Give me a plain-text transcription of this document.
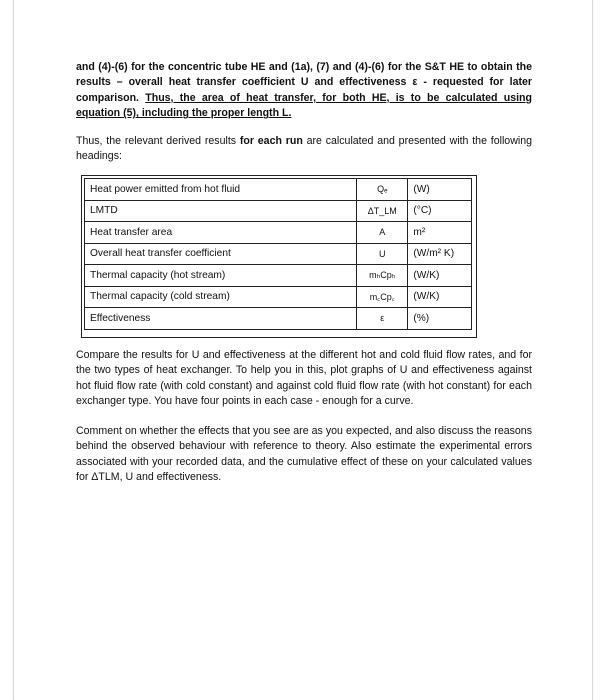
and (4)-(6) for the concentric tube HE and (1a), (7) and (4)-(6) for the S&T HE to obtain the results – overall heat transfer coefficient U and effectiveness ε - requested for later comparison. Thus, the area of heat transfer, for both HE, is to be calculated using equation (5), including the proper length L.
Thus, the relevant derived results for each run are calculated and presented with the following headings:
Heat power emitted from hot fluid	Qₑ	(W)
LMTD	ΔT_LM	(°C)
Heat transfer area	A	m²
Overall heat transfer coefficient	U	(W/m² K)
Thermal capacity (hot stream)	mₕCpₕ	(W/K)
Thermal capacity (cold stream)	m꜀Cp꜀	(W/K)
Effectiveness	ε	(%)
Compare the results for U and effectiveness at the different hot and cold fluid flow rates, and for the two types of heat exchanger. To help you in this, plot graphs of U and effectiveness against hot fluid flow rate (with cold constant) and against cold fluid flow rate (with hot constant) for each exchanger type. You have four points in each case - enough for a curve.
Comment on whether the effects that you see are as you expected, and also discuss the reasons behind the observed behaviour with reference to theory. Also estimate the experimental errors associated with your recorded data, and the cumulative effect of these on your calculated values for ΔTLM, U and effectiveness.
